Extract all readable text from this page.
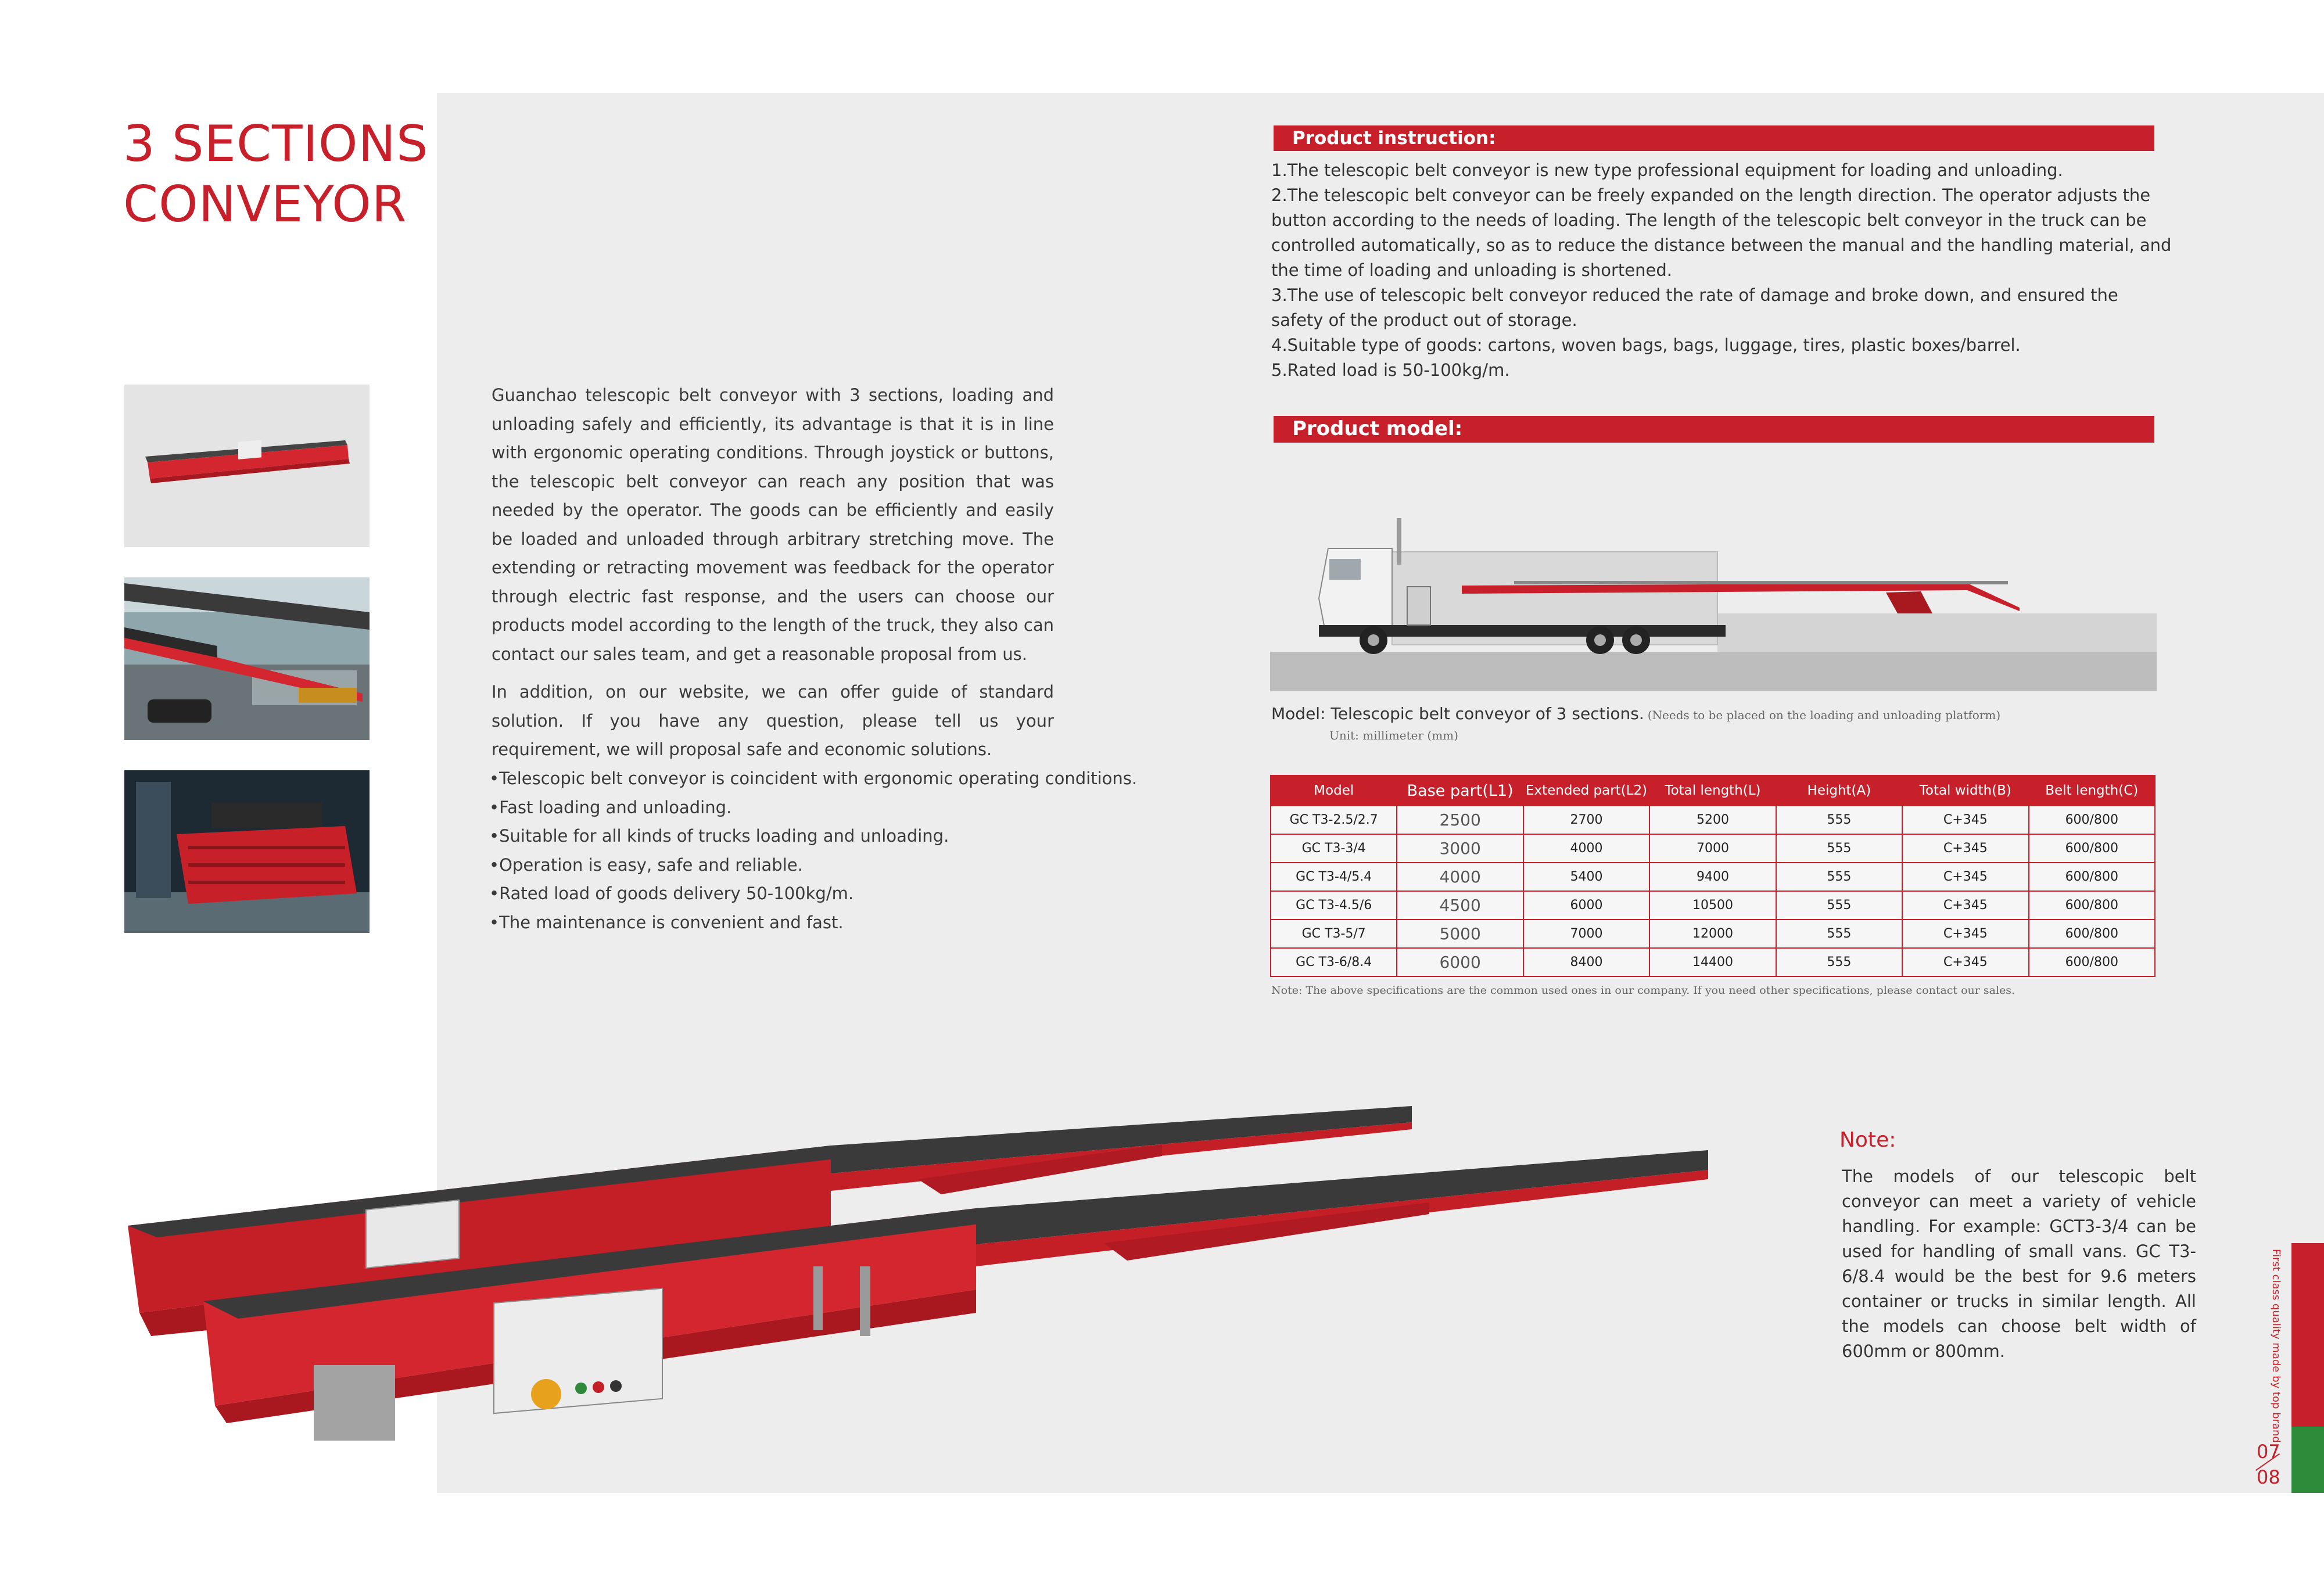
3 SECTIONS
CONVEYOR

Guanchao telescopic belt conveyor with 3 sections, loading and unloading safely and efficiently, its advantage is that it is in line with ergonomic operating conditions. Through joystick or buttons, the telescopic belt conveyor can reach any position that was needed by the operator. The goods can be efficiently and easily be loaded and unloaded through arbitrary stretching move. The extending or retracting movement was feedback for the operator through electric fast response, and the users can choose our products model according to the length of the truck, they also can contact our sales team, and get a reasonable proposal from us.

In addition, on our website, we can offer guide of standard solution. If you have any question, please tell us your requirement, we will proposal safe and economic solutions.

•Telescopic belt conveyor is coincident with ergonomic operating conditions.
•Fast loading and unloading.
•Suitable for all kinds of trucks loading and unloading.
•Operation is easy, safe and reliable.
•Rated load of goods delivery 50-100kg/m.
•The maintenance is convenient and fast.
Product instruction:
1.The telescopic belt conveyor is new type professional equipment for loading and unloading.
2.The telescopic belt conveyor can be freely expanded on the length direction. The operator adjusts the button according to the needs of loading. The length of the telescopic belt conveyor in the truck can be controlled automatically, so as to reduce the distance between the manual and the handling material, and the time of loading and unloading is shortened.
3.The use of telescopic belt conveyor reduced the rate of damage and broke down, and ensured the safety of the product out of storage.
4.Suitable type of goods: cartons, woven bags, bags, luggage, tires, plastic boxes/barrel.
5.Rated load is 50-100kg/m.
Product model:
Model: Telescopic belt conveyor of 3 sections. (Needs to be placed on the loading and unloading platform)
Unit: millimeter (mm)
Model	Base part(L1)	Extended part(L2)	Total length(L)	Height(A)	Total width(B)	Belt length(C)
GC T3-2.5/2.7	2500	2700	5200	555	C+345	600/800
GC T3-3/4	3000	4000	7000	555	C+345	600/800
GC T3-4/5.4	4000	5400	9400	555	C+345	600/800
GC T3-4.5/6	4500	6000	10500	555	C+345	600/800
GC T3-5/7	5000	7000	12000	555	C+345	600/800
GC T3-6/8.4	6000	8400	14400	555	C+345	600/800
Note: The above specifications are the common used ones in our company. If you need other specifications, please contact our sales.
Note:
The models of our telescopic belt conveyor can meet a variety of vehicle handling. For example: GCT3-3/4 can be used for handling of small vans. GC T3-6/8.4 would be the best for 9.6 meters container or trucks in similar length. All the models can choose belt width of 600mm or 800mm.	First class quality made by top brand
07
08
